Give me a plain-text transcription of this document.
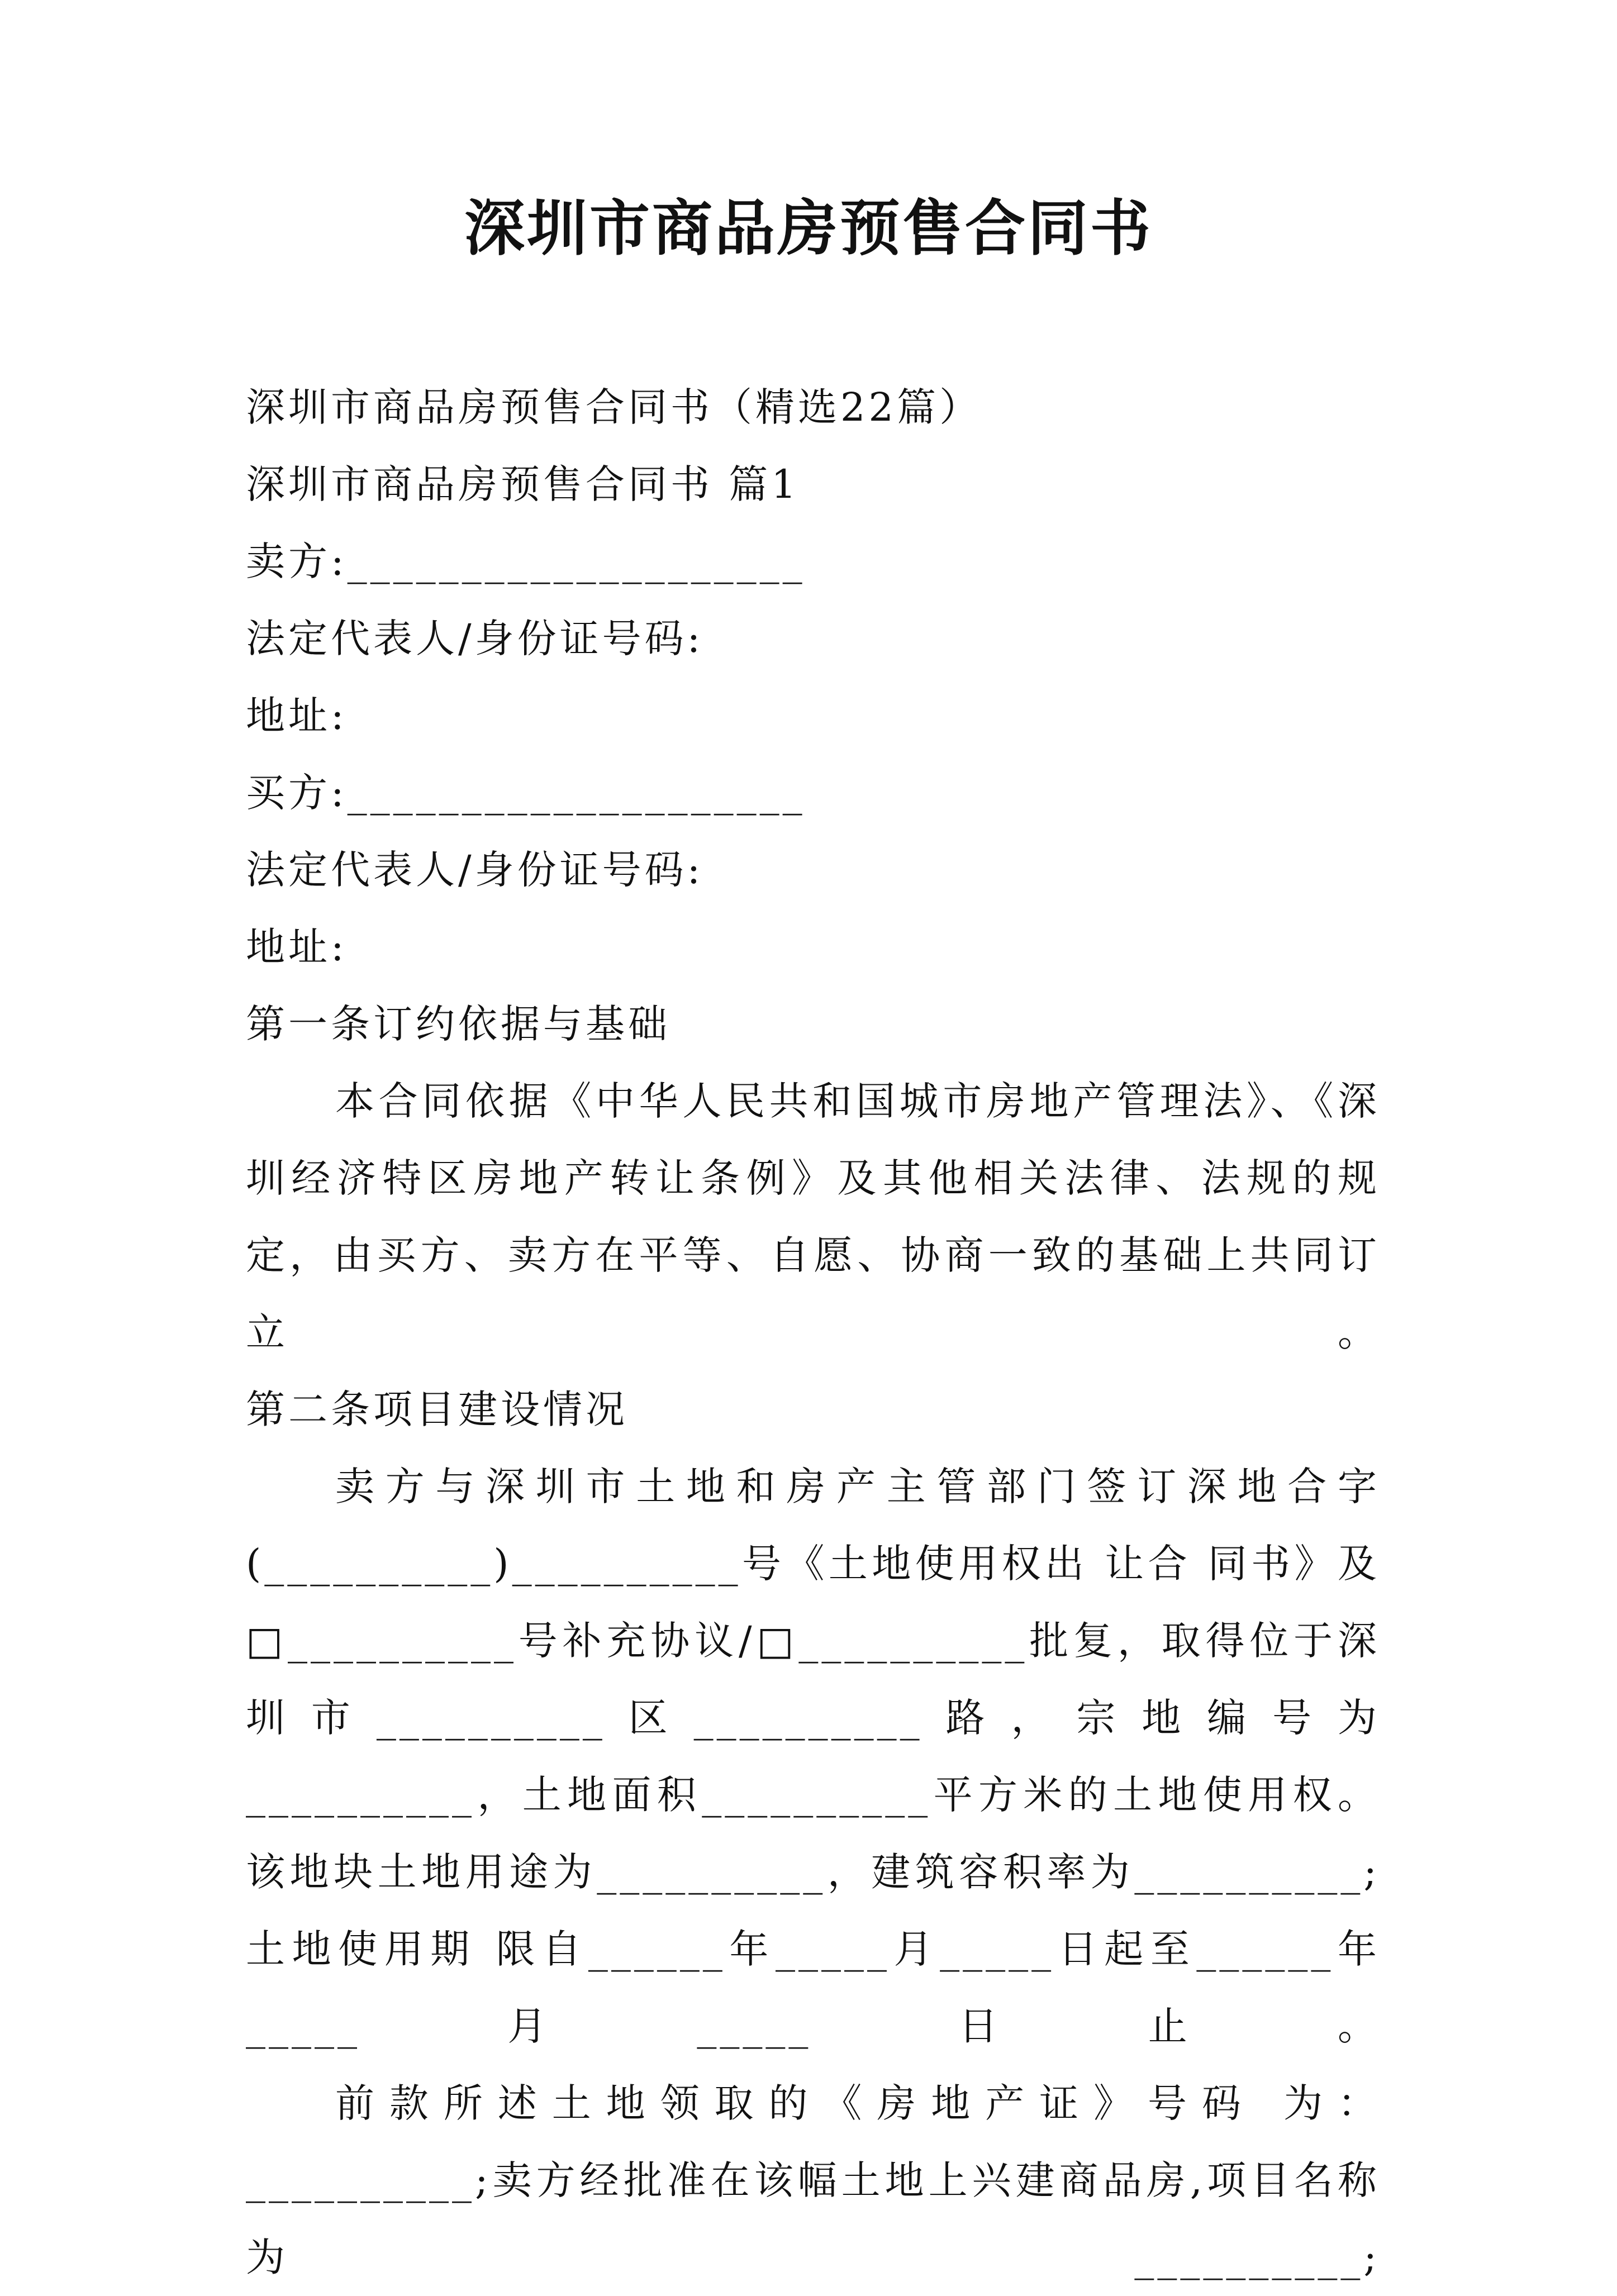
深圳市商品房预售合同书

深圳市商品房预售合同书（精选22篇）

深圳市商品房预售合同书 篇1

卖方:____________________

法定代表人/身份证号码:

地址:

买方:____________________

法定代表人/身份证号码:

地址:

第一条订约依据与基础

本合同依据《中华人民共和国城市房地产管理法》、《深圳经济特区房地产转让条例》及其他相关法律、法规的规定，由买方、卖方在平等、自愿、协商一致的基础上共同订立。

第二条项目建设情况

卖方与深圳市土地和房产主管部门签订深地合字(__________)__________号《土地使用权出 让合 同书》及□__________号补充协议/□__________批复，取得位于深圳市__________区__________路，宗地编号为 __________，土地面积__________平方米的土地使用权。该地块土地用途为__________，建筑容积率为__________;土地使用期 限自______年_____月_____日起至______年_____月_____日止。

前款所述土地领取的《房地产证》号码 为：__________;卖方经批准在该幅土地上兴建商品房,项目名称为__________;
